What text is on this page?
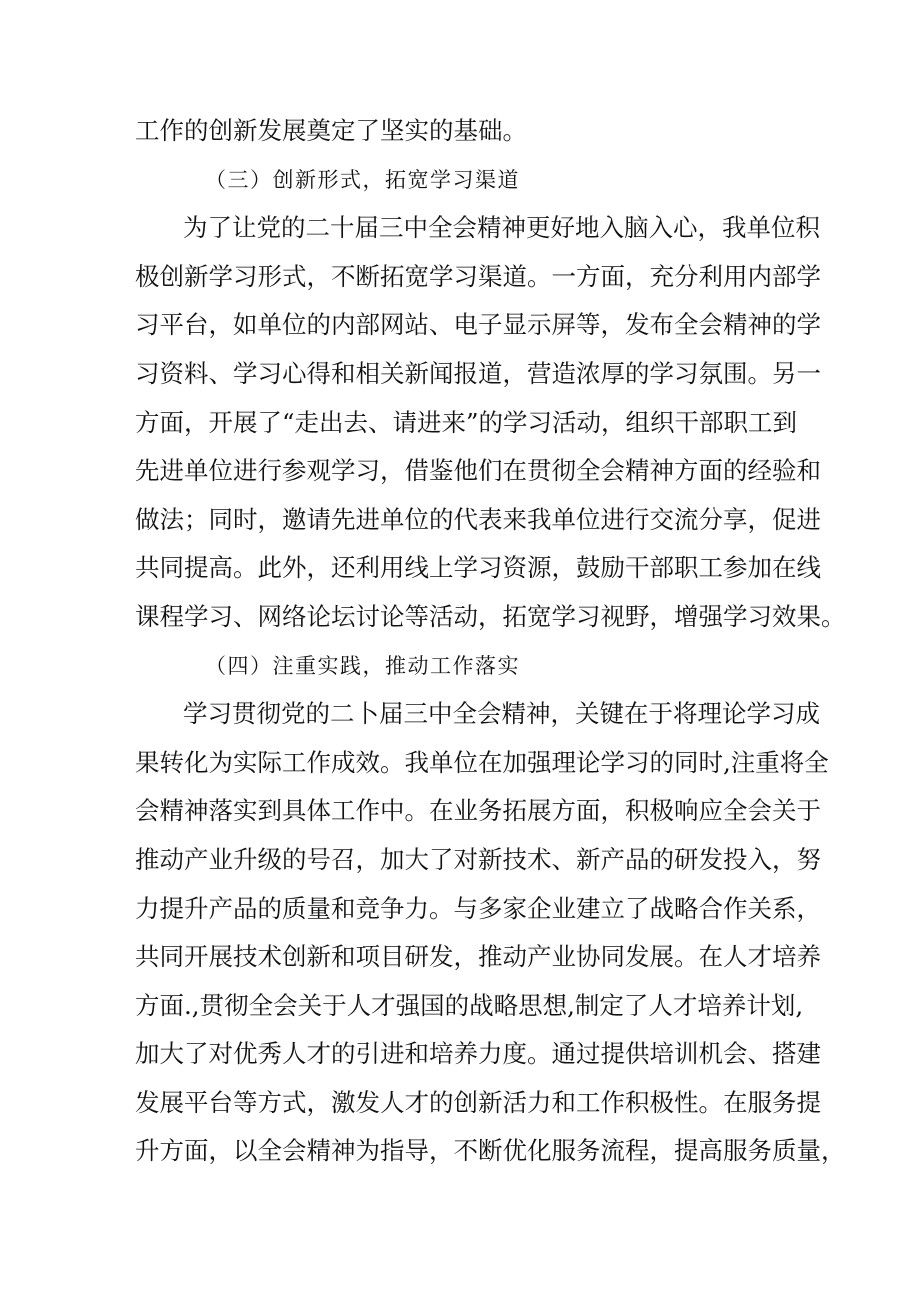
工作的创新发展奠定了坚实的基础。
（三）创新形式，拓宽学习渠道
为了让党的二十届三中全会精神更好地入脑入心，我单位积
极创新学习形式，不断拓宽学习渠道。一方面，充分利用内部学
习平台，如单位的内部网站、电子显示屏等，发布全会精神的学
习资料、学习心得和相关新闻报道，营造浓厚的学习氛围。另一
方面，开展了“走出去、请进来”的学习活动，组织干部职工到
先进单位进行参观学习，借鉴他们在贯彻全会精神方面的经验和
做法；同时，邀请先进单位的代表来我单位进行交流分享，促进
共同提高。此外，还利用线上学习资源，鼓励干部职工参加在线
课程学习、网络论坛讨论等活动，拓宽学习视野，增强学习效果。
（四）注重实践，推动工作落实
学习贯彻党的二卜届三中全会精神，关键在于将理论学习成
果转化为实际工作成效。我单位在加强理论学习的同时,注重将全
会精神落实到具体工作中。在业务拓展方面，积极响应全会关于
推动产业升级的号召，加大了对新技术、新产品的研发投入，努
力提升产品的质量和竞争力。与多家企业建立了战略合作关系，
共同开展技术创新和项目研发，推动产业协同发展。在人才培养
方面.,贯彻全会关于人才强国的战略思想,制定了人才培养计划,
加大了对优秀人才的引进和培养力度。通过提供培训机会、搭建
发展平台等方式，激发人才的创新活力和工作积极性。在服务提
升方面，以全会精神为指导，不断优化服务流程，提高服务质量，
